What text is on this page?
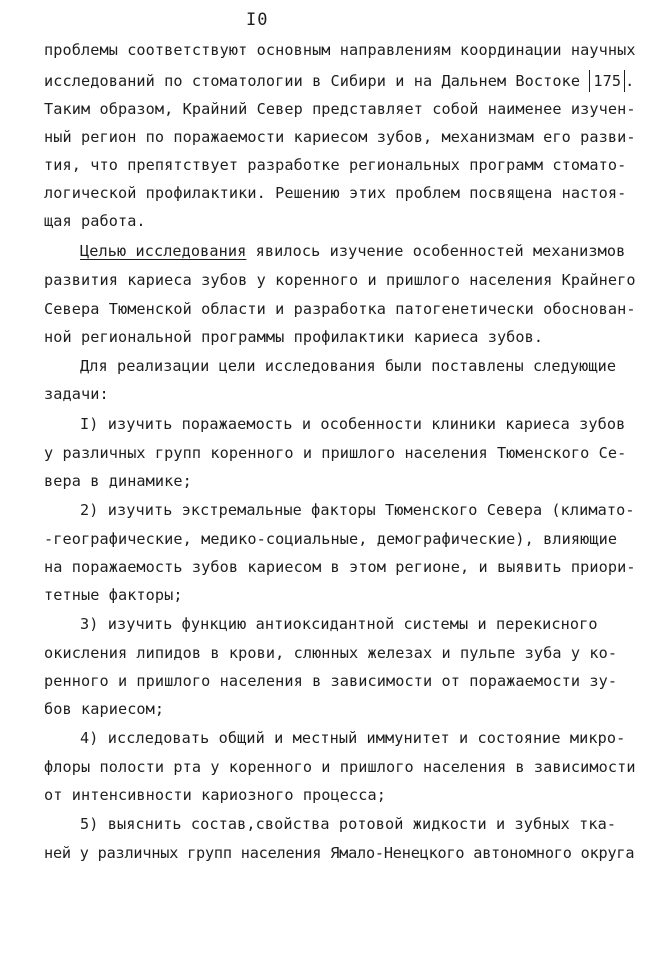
I0
проблемы соответствуют основным направлениям координации научных
исследований по стоматологии в Сибири и на Дальнем Востоке 175 .
Таким образом, Крайний Север представляет собой наименее изучен-
ный регион по поражаемости кариесом зубов, механизмам его разви-
тия, что препятствует разработке региональных программ стомато-
логической профилактики. Решению этих проблем посвящена настоя-
щая работа.
Целью исследования явилось изучение особенностей механизмов
развития кариеса зубов у коренного и пришлого населения Крайнего
Севера Тюменской области и разработка патогенетически обоснован-
ной региональной программы профилактики кариеса зубов.
Для реализации цели исследования были поставлены следующие
задачи:
I) изучить поражаемость и особенности клиники кариеса зубов
у различных групп коренного и пришлого населения Тюменского Се-
вера в динамике;
2) изучить экстремальные факторы Тюменского Севера (климато-
-географические, медико-социальные, демографические), влияющие
на поражаемость зубов кариесом в этом регионе, и выявить приори-
тетные факторы;
3) изучить функцию антиоксидантной системы и перекисного
окисления липидов в крови, слюнных железах и пульпе зуба у ко-
ренного и пришлого населения в зависимости от поражаемости зу-
бов кариесом;
4) исследовать общий и местный иммунитет и состояние микро-
флоры полости рта у коренного и пришлого населения в зависимости
от интенсивности кариозного процесса;
5) выяснить состав,свойства ротовой жидкости и зубных тка-
ней у различных групп населения Ямало-Ненецкого автономного округа
